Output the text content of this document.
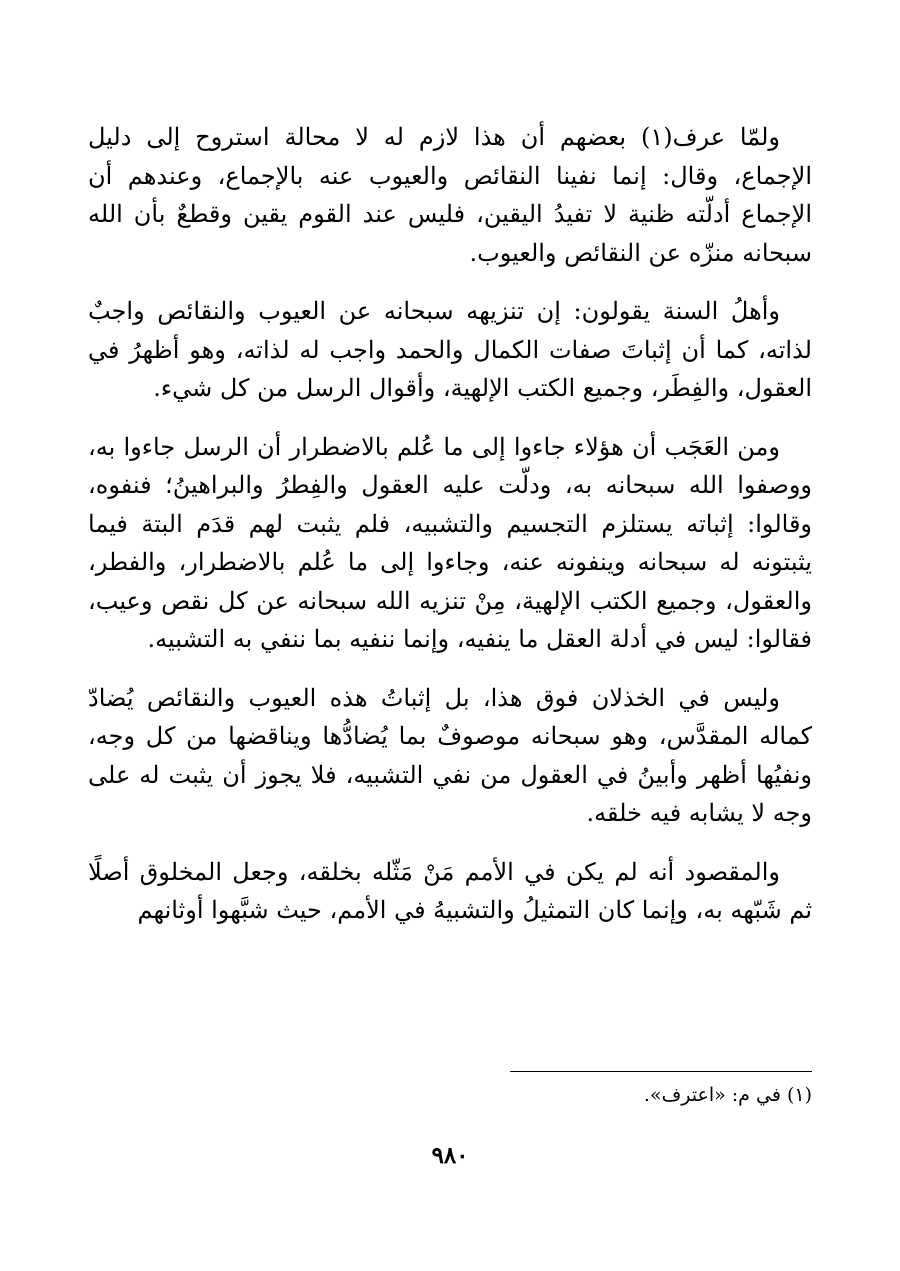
ولمّا عرف(١) بعضهم أن هذا لازم له لا محالة استروح إلى دليل الإجماع، وقال: إنما نفينا النقائص والعيوب عنه بالإجماع، وعندهم أن الإجماع أدلّته ظنية لا تفيدُ اليقين، فليس عند القوم يقين وقطعٌ بأن الله سبحانه منزّه عن النقائص والعيوب.

وأهلُ السنة يقولون: إن تنزيهه سبحانه عن العيوب والنقائص واجبٌ لذاته، كما أن إثباتَ صفات الكمال والحمد واجب له لذاته، وهو أظهرُ في العقول، والفِطَر، وجميع الكتب الإلهية، وأقوال الرسل من كل شيء.

ومن العَجَب أن هؤلاء جاءوا إلى ما عُلم بالاضطرار أن الرسل جاءوا به، ووصفوا الله سبحانه به، ودلّت عليه العقول والفِطرُ والبراهينُ؛ فنفوه، وقالوا: إثباته يستلزم التجسيم والتشبيه، فلم يثبت لهم قدَم البتة فيما يثبتونه له سبحانه وينفونه عنه، وجاءوا إلى ما عُلم بالاضطرار، والفطر، والعقول، وجميع الكتب الإلهية، مِنْ تنزيه الله سبحانه عن كل نقص وعيب، فقالوا: ليس في أدلة العقل ما ينفيه، وإنما ننفيه بما ننفي به التشبيه.

وليس في الخذلان فوق هذا، بل إثباتُ هذه العيوب والنقائص يُضادّ كماله المقدَّس، وهو سبحانه موصوفٌ بما يُضادُّها ويناقضها من كل وجه، ونفيُها أظهر وأبينُ في العقول من نفي التشبيه، فلا يجوز أن يثبت له على وجه لا يشابه فيه خلقه.

والمقصود أنه لم يكن في الأمم مَنْ مَثّله بخلقه، وجعل المخلوق أصلًا ثم شَبّهه به، وإنما كان التمثيلُ والتشبيهُ في الأمم، حيث شبَّهوا أوثانهم

(١) في م: «اعترف».
٩٨٠
